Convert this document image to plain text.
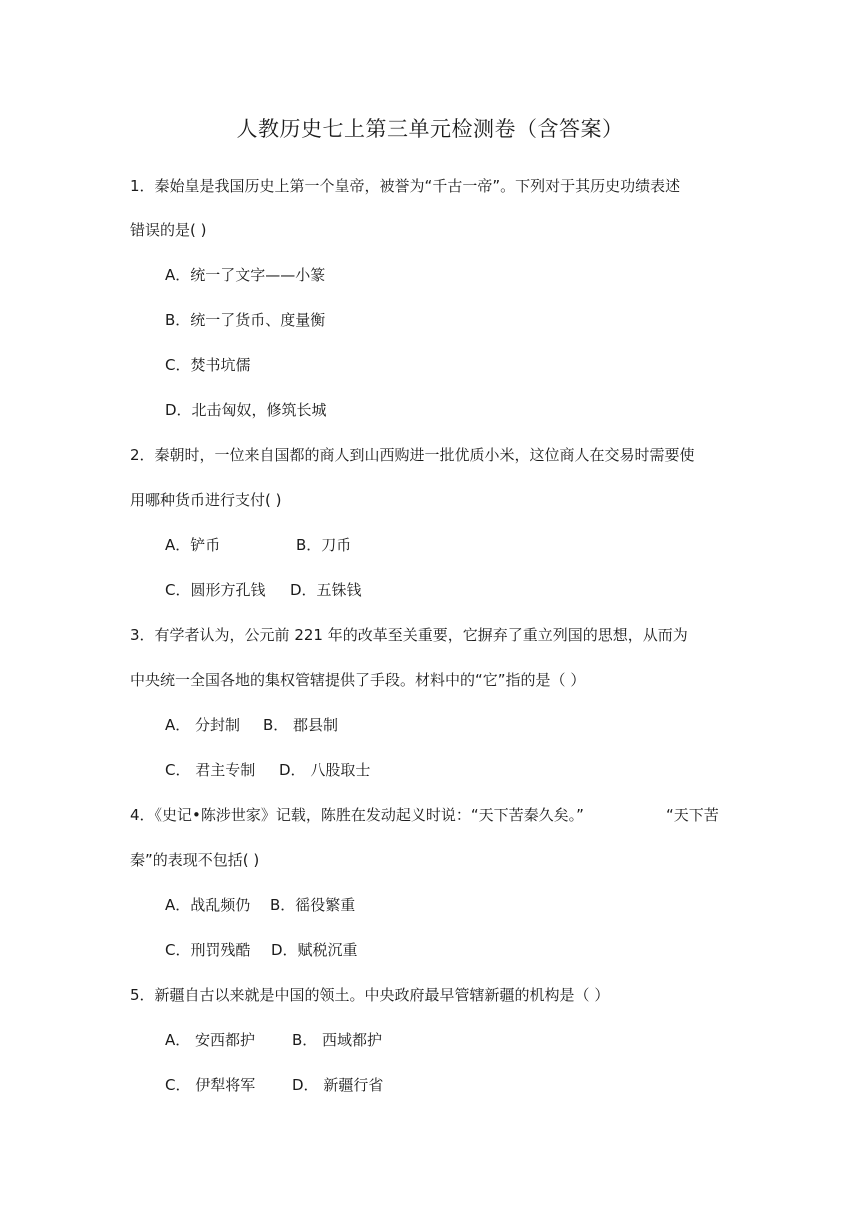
人教历史七上第三单元检测卷（含答案）
1．秦始皇是我国历史上第一个皇帝，被誉为“千古一帝”。下列对于其历史功绩表述
错误的是( )
A．统一了文字——小篆
B．统一了货币、度量衡
C．焚书坑儒
D．北击匈奴，修筑长城
2．秦朝时，一位来自国都的商人到山西购进一批优质小米，这位商人在交易时需要使
用哪种货币进行支付( )
A．铲币	B．刀币
C．圆形方孔钱 D．五铢钱
3．有学者认为，公元前 221 年的改革至关重要，它摒弃了重立列国的思想，从而为
中央统一全国各地的集权管辖提供了手段。材料中的“它”指的是（ ）
A． 分封制 B． 郡县制
C． 君主专制 D． 八股取士
4．《史记•陈涉世家》记载，陈胜在发动起义时说：“天下苦秦久矣。”	“天下苦
秦”的表现不包括( )
A．战乱频仍 B．徭役繁重
C．刑罚残酷 D．赋税沉重
5．新疆自古以来就是中国的领土。中央政府最早管辖新疆的机构是（ ）
A． 安西都护 B． 西域都护
C． 伊犁将军 D． 新疆行省
